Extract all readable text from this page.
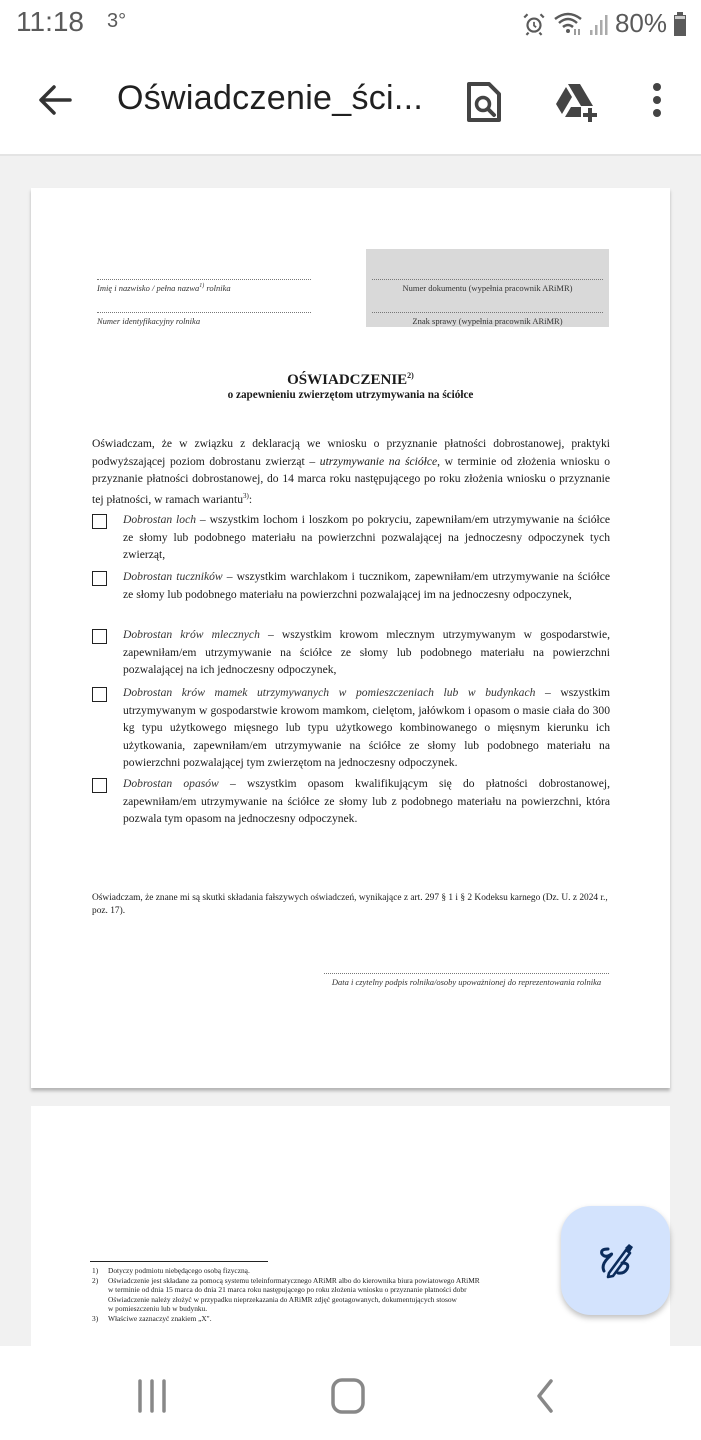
11:18 3°	80%
Oświadczenie_ści...
Imię i nazwisko / pełna nazwa$^{1)}$ rolnika
Numer identyfikacyjny rolnika
Numer dokumentu (wypełnia pracownik ARiMR)
Znak sprawy (wypełnia pracownik ARiMR)
OŚWIADCZENIE$^{2)}$
o zapewnieniu zwierzętom utrzymywania na ściółce
Oświadczam, że w związku z deklaracją we wniosku o przyznanie płatności dobrostanowej, praktyki podwyższającej poziom dobrostanu zwierząt – utrzymywanie na ściółce, w terminie od złożenia wniosku o przyznanie płatności dobrostanowej, do 14 marca roku następującego po roku złożenia wniosku o przyznanie tej płatności, w ramach wariantu$^{3)}$:
Dobrostan loch – wszystkim lochom i loszkom po pokryciu, zapewniłam/em utrzymywanie na ściółce ze słomy lub podobnego materiału na powierzchni pozwalającej na jednoczesny odpoczynek tych zwierząt,
Dobrostan tuczników – wszystkim warchlakom i tucznikom, zapewniłam/em utrzymywanie na ściółce ze słomy lub podobnego materiału na powierzchni pozwalającej im na jednoczesny odpoczynek,
Dobrostan krów mlecznych – wszystkim krowom mlecznym utrzymywanym w gospodarstwie, zapewniłam/em utrzymywanie na ściółce ze słomy lub podobnego materiału na powierzchni pozwalającej na ich jednoczesny odpoczynek,
Dobrostan krów mamek utrzymywanych w pomieszczeniach lub w budynkach – wszystkim utrzymywanym w gospodarstwie krowom mamkom, cielętom, jałówkom i opasom o masie ciała do 300 kg typu użytkowego mięsnego lub typu użytkowego kombinowanego o mięsnym kierunku ich użytkowania, zapewniłam/em utrzymywanie na ściółce ze słomy lub podobnego materiału na powierzchni pozwalającej tym zwierzętom na jednoczesny odpoczynek.
Dobrostan opasów – wszystkim opasom kwalifikującym się do płatności dobrostanowej, zapewniłam/em utrzymywanie na ściółce ze słomy lub z podobnego materiału na powierzchni, która pozwala tym opasom na jednoczesny odpoczynek.
Oświadczam, że znane mi są skutki składania fałszywych oświadczeń, wynikające z art. 297 § 1 i § 2 Kodeksu karnego (Dz. U. z 2024 r., poz. 17).
Data i czytelny podpis rolnika/osoby upoważnionej do reprezentowania rolnika
1)	Dotyczy podmiotu niebędącego osobą fizyczną.
2)	Oświadczenie jest składane za pomocą systemu teleinformatycznego ARiMR albo do kierownika biura powiatowego ARiMR
w terminie od dnia 15 marca do dnia 21 marca roku następującego po roku złożenia wniosku o przyznanie płatności dobr
Oświadczenie należy złożyć w przypadku nieprzekazania do ARiMR zdjęć geotagowanych, dokumentujących stosow
w pomieszczeniu lub w budynku.
3)	Właściwe zaznaczyć znakiem „X".
